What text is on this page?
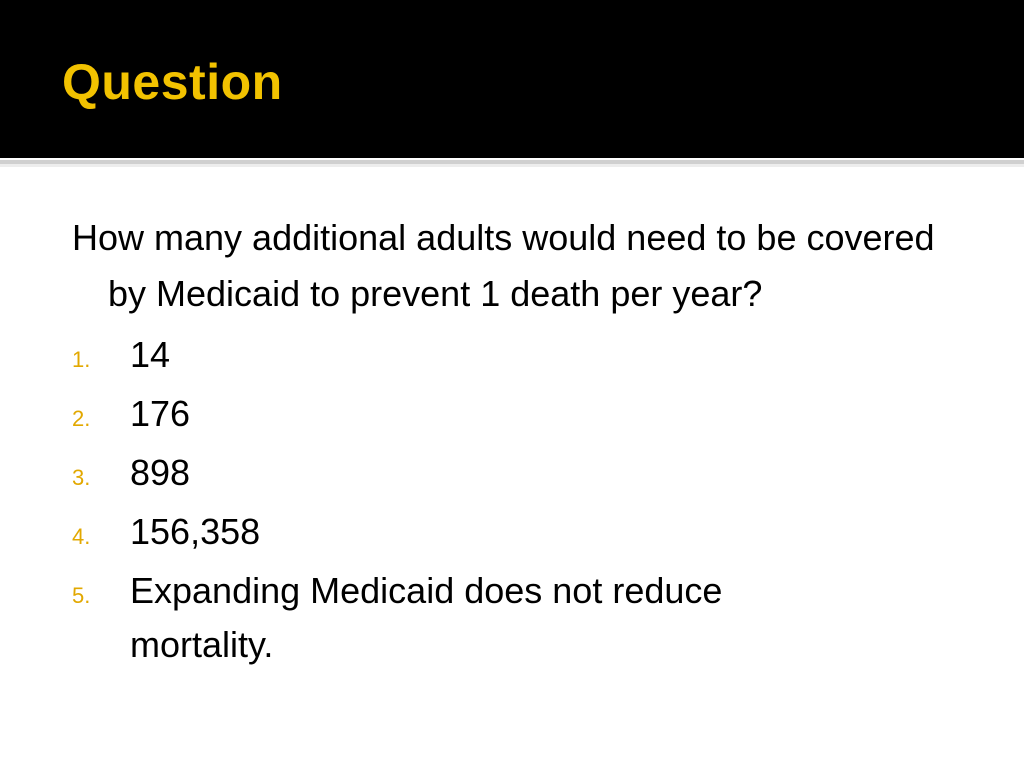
Question

How many additional adults would need to be covered by Medicaid to prevent 1 death per year?

1.	14
2.	176
3.	898
4.	156,358
5.	Expanding Medicaid does not reduce mortality.
